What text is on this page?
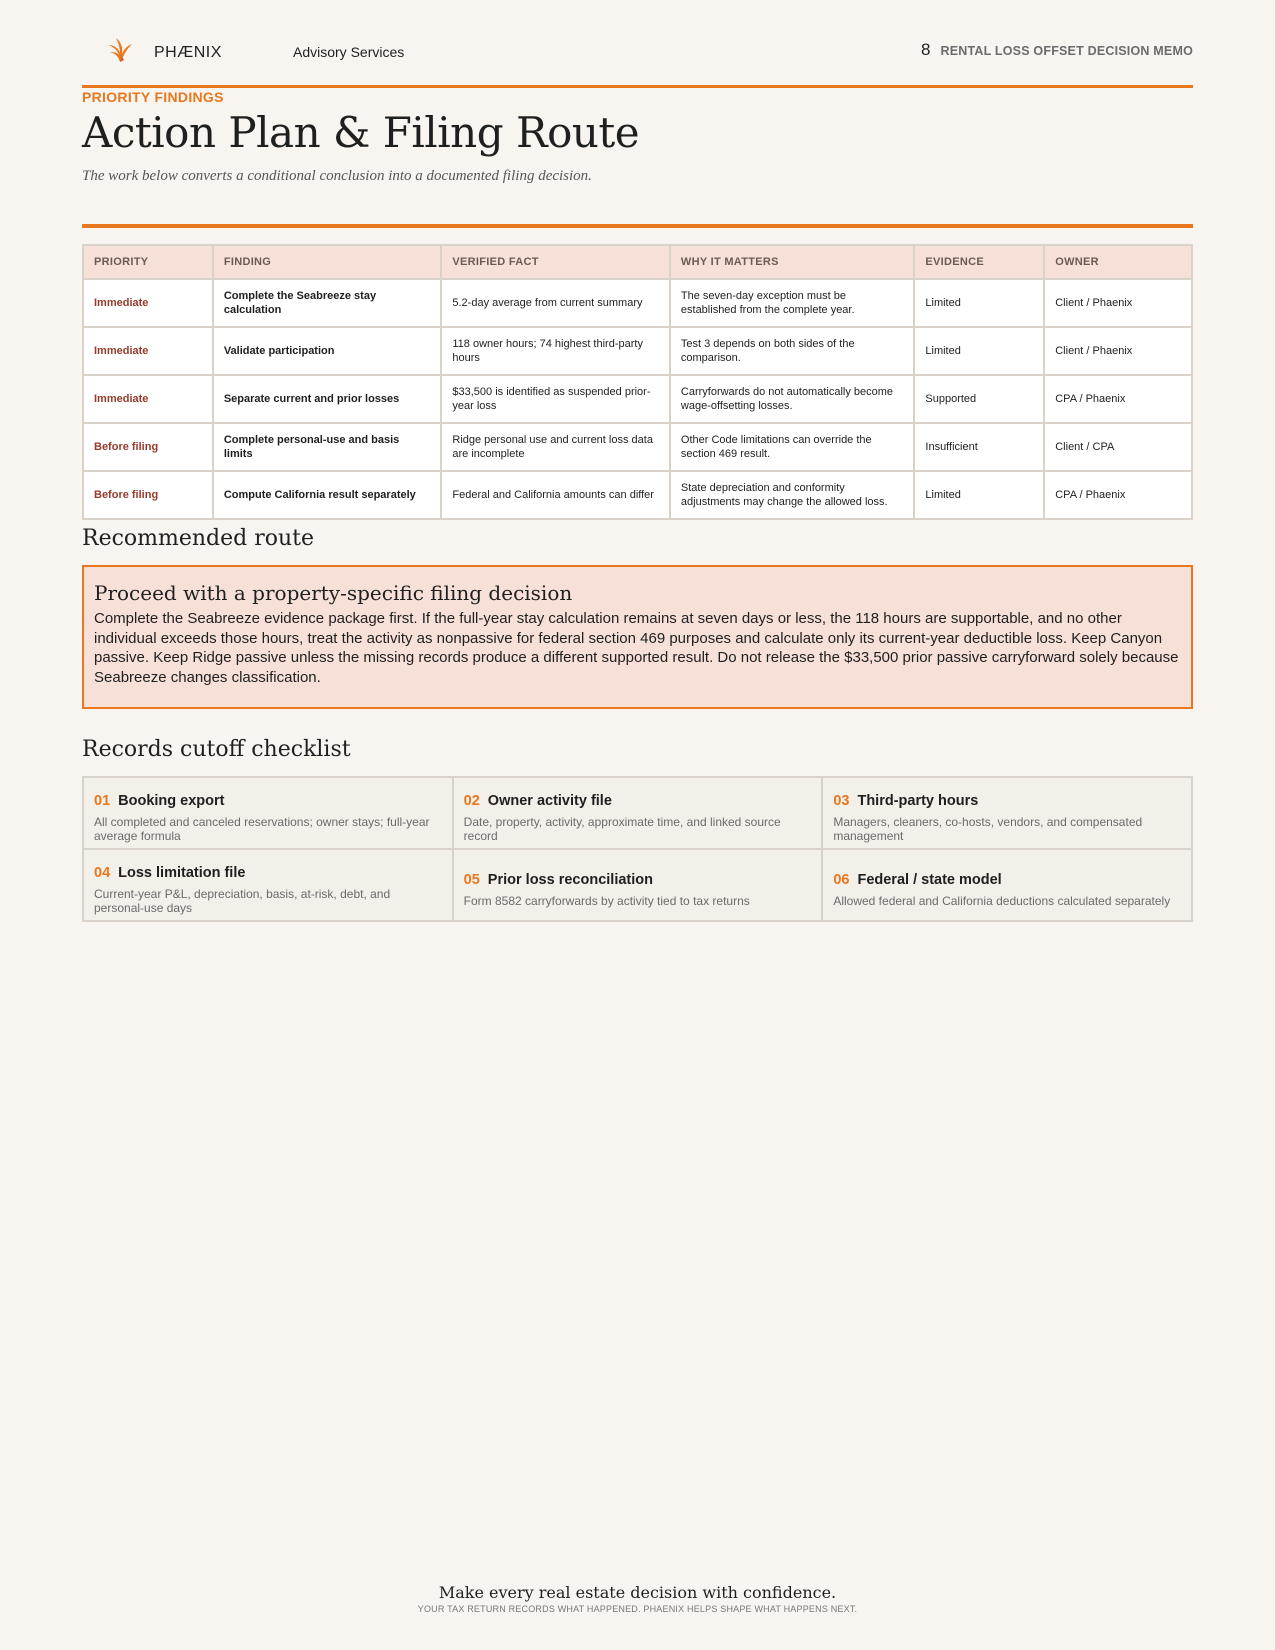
PHÆNIX	Advisory Services	8 RENTAL LOSS OFFSET DECISION MEMO
PRIORITY FINDINGS
Action Plan & Filing Route
The work below converts a conditional conclusion into a documented filing decision.
PRIORITY	FINDING	VERIFIED FACT	WHY IT MATTERS	EVIDENCE	OWNER
Immediate	Complete the Seabreeze stay calculation	5.2-day average from current summary	The seven-day exception must be established from the complete year.	Limited	Client / Phaenix
Immediate	Validate participation	118 owner hours; 74 highest third-party hours	Test 3 depends on both sides of the comparison.	Limited	Client / Phaenix
Immediate	Separate current and prior losses	$33,500 is identified as suspended prior-year loss	Carryforwards do not automatically become wage-offsetting losses.	Supported	CPA / Phaenix
Before filing	Complete personal-use and basis limits	Ridge personal use and current loss data are incomplete	Other Code limitations can override the section 469 result.	Insufficient	Client / CPA
Before filing	Compute California result separately	Federal and California amounts can differ	State depreciation and conformity adjustments may change the allowed loss.	Limited	CPA / Phaenix
Recommended route
Proceed with a property-specific filing decision

Complete the Seabreeze evidence package first. If the full-year stay calculation remains at seven days or less, the 118 hours are supportable, and no other individual exceeds those hours, treat the activity as nonpassive for federal section 469 purposes and calculate only its current-year deductible loss. Keep Canyon passive. Keep Ridge passive unless the missing records produce a different supported result. Do not release the $33,500 prior passive carryforward solely because Seabreeze changes classification.

Records cutoff checklist
01 Booking export
All completed and canceled reservations; owner stays; full-year average formula
02 Owner activity file
Date, property, activity, approximate time, and linked source record
03 Third-party hours
Managers, cleaners, co-hosts, vendors, and compensated management
04 Loss limitation file
Current-year P&L, depreciation, basis, at-risk, debt, and personal-use days
05 Prior loss reconciliation
Form 8582 carryforwards by activity tied to tax returns
06 Federal / state model
Allowed federal and California deductions calculated separately
Make every real estate decision with confidence.
YOUR TAX RETURN RECORDS WHAT HAPPENED. PHAENIX HELPS SHAPE WHAT HAPPENS NEXT.
